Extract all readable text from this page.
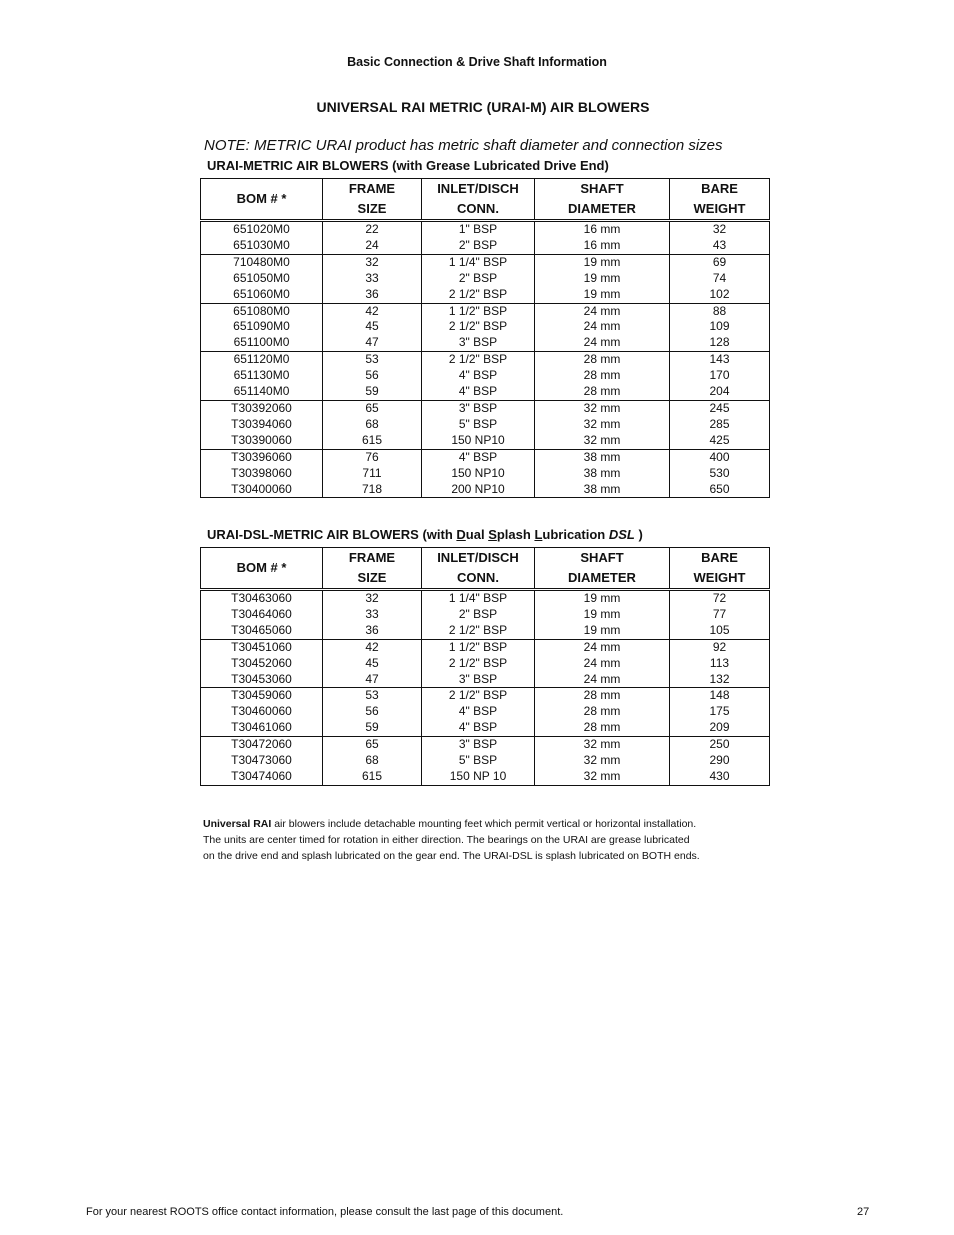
Basic Connection & Drive Shaft Information
UNIVERSAL RAI METRIC (URAI-M) AIR BLOWERS
NOTE: METRIC URAI product has metric shaft diameter and connection sizes
URAI-METRIC AIR BLOWERS (with Grease Lubricated Drive End)
BOM # *	FRAME	INLET/DISCH	SHAFT	BARE
	SIZE	CONN.	DIAMETER	WEIGHT
651020M0	22	1" BSP	16 mm	32
651030M0	24	2" BSP	16 mm	43
710480M0	32	1 1/4" BSP	19 mm	69
651050M0	33	2" BSP	19 mm	74
651060M0	36	2 1/2" BSP	19 mm	102
651080M0	42	1 1/2" BSP	24 mm	88
651090M0	45	2 1/2" BSP	24 mm	109
651100M0	47	3" BSP	24 mm	128
651120M0	53	2 1/2" BSP	28 mm	143
651130M0	56	4" BSP	28 mm	170
651140M0	59	4" BSP	28 mm	204
T30392060	65	3" BSP	32 mm	245
T30394060	68	5" BSP	32 mm	285
T30390060	615	150 NP10	32 mm	425
T30396060	76	4" BSP	38 mm	400
T30398060	711	150 NP10	38 mm	530
T30400060	718	200 NP10	38 mm	650
URAI-DSL-METRIC AIR BLOWERS (with Dual Splash Lubrication DSL )
BOM # *	FRAME	INLET/DISCH	SHAFT	BARE
	SIZE	CONN.	DIAMETER	WEIGHT
T30463060	32	1 1/4" BSP	19 mm	72
T30464060	33	2" BSP	19 mm	77
T30465060	36	2 1/2" BSP	19 mm	105
T30451060	42	1 1/2" BSP	24 mm	92
T30452060	45	2 1/2" BSP	24 mm	113
T30453060	47	3" BSP	24 mm	132
T30459060	53	2 1/2" BSP	28 mm	148
T30460060	56	4" BSP	28 mm	175
T30461060	59	4" BSP	28 mm	209
T30472060	65	3" BSP	32 mm	250
T30473060	68	5" BSP	32 mm	290
T30474060	615	150 NP 10	32 mm	430
Universal RAI air blowers include detachable mounting feet which permit vertical or horizontal installation.
The units are center timed for rotation in either direction. The bearings on the URAI are grease lubricated
on the drive end and splash lubricated on the gear end. The URAI-DSL is splash lubricated on BOTH ends.
For your nearest ROOTS office contact information, please consult the last page of this document.	27
